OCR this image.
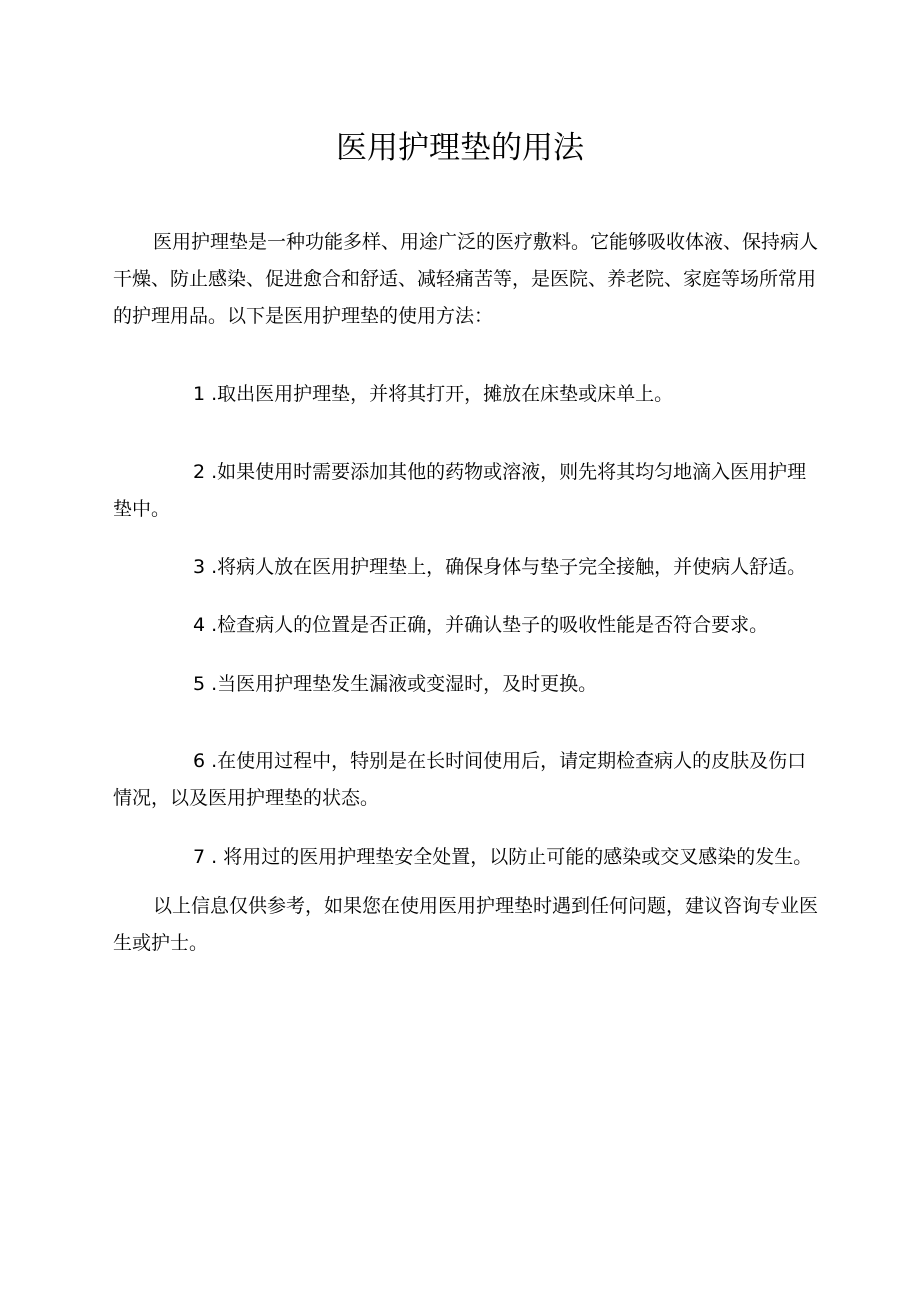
医用护理垫的用法

医用护理垫是一种功能多样、用途广泛的医疗敷料。它能够吸收体液、保持病人干燥、防止感染、促进愈合和舒适、减轻痛苦等，是医院、养老院、家庭等场所常用的护理用品。以下是医用护理垫的使用方法：

1 .取出医用护理垫，并将其打开，摊放在床垫或床单上。

2 .如果使用时需要添加其他的药物或溶液，则先将其均匀地滴入医用护理垫中。

3 .将病人放在医用护理垫上，确保身体与垫子完全接触，并使病人舒适。

4 .检查病人的位置是否正确，并确认垫子的吸收性能是否符合要求。

5 .当医用护理垫发生漏液或变湿时，及时更换。

6 .在使用过程中，特别是在长时间使用后，请定期检查病人的皮肤及伤口情况，以及医用护理垫的状态。

7 . 将用过的医用护理垫安全处置，以防止可能的感染或交叉感染的发生。

以上信息仅供参考，如果您在使用医用护理垫时遇到任何问题，建议咨询专业医生或护士。
